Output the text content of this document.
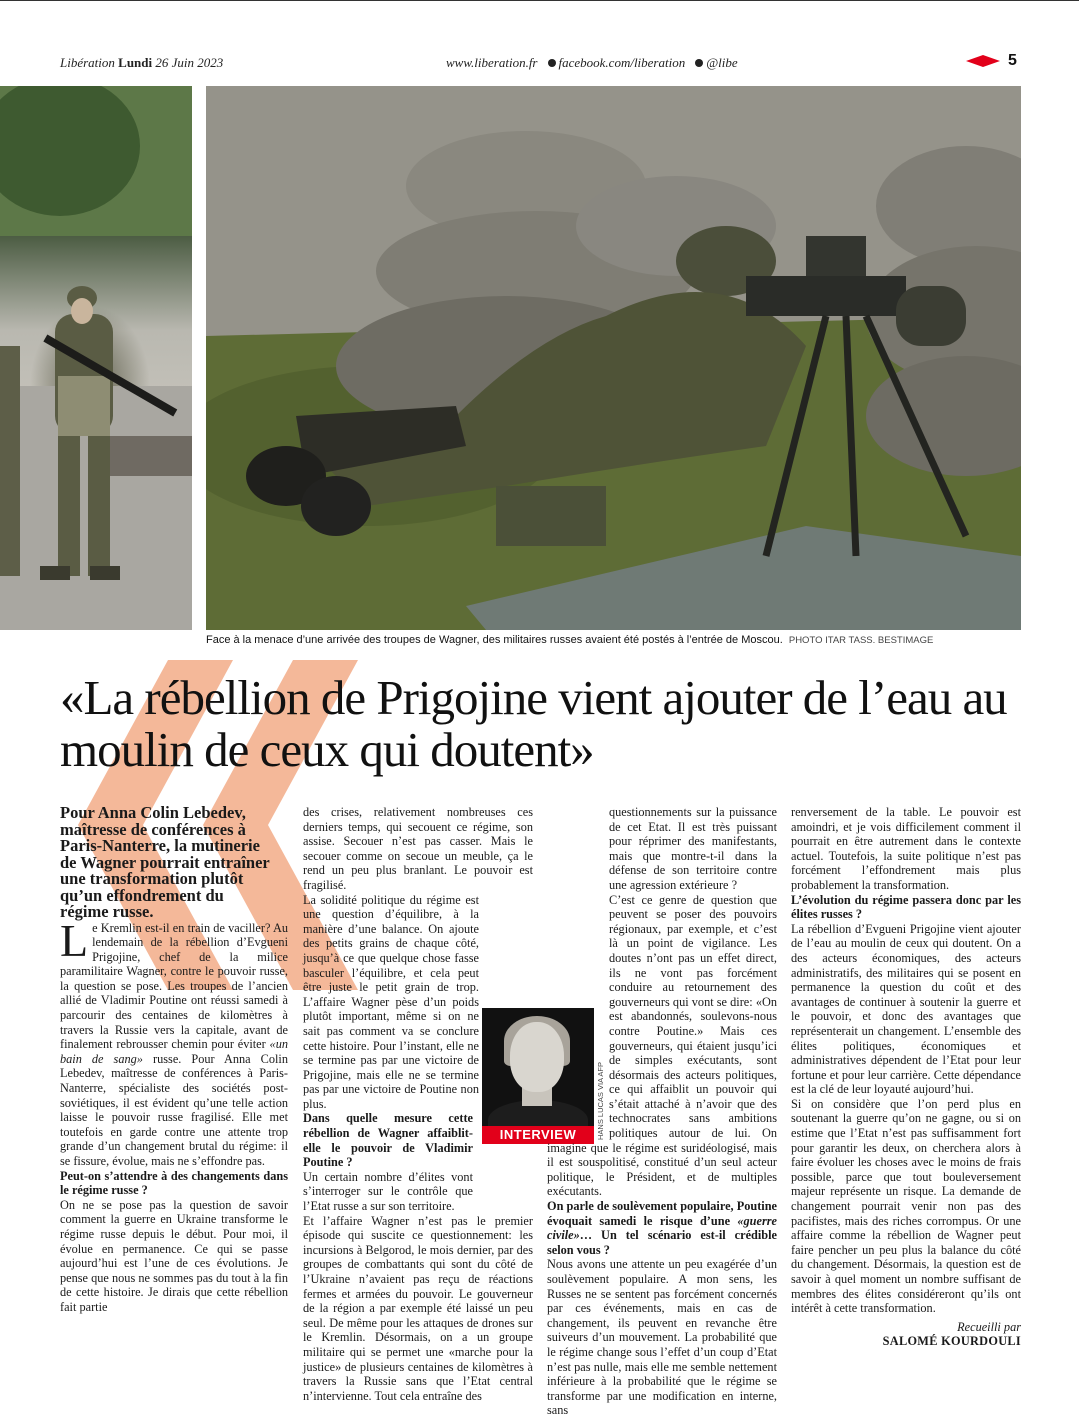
Libération Lundi 26 Juin 2023	www.liberation.fr	facebook.com/liberation	@libe	5
Face à la menace d’une arrivée des troupes de Wagner, des militaires russes avaient été postés à l’entrée de Moscou. PHOTO ITAR TASS. BESTIMAGE
«La rébellion de Prigojine vient ajouter de l’eau au moulin de ceux qui doutent»

Pour Anna Colin Lebedev, maîtresse de conférences à Paris-Nanterre, la mutinerie de Wagner pourrait entraîner une transformation plutôt qu’un effondrement du régime russe.

Le Kremlin est-il en train de vaciller? Au lendemain de la rébellion d’Evgueni Prigojine, chef de la milice paramilitaire Wagner, contre le pouvoir russe, la question se pose. Les troupes de l’ancien allié de Vladimir Poutine ont réussi samedi à parcourir des centaines de kilomètres à travers la Russie vers la capitale, avant de finalement rebrousser chemin pour éviter «un bain de sang» russe. Pour Anna Colin Lebedev, maîtresse de conférences à Paris-Nanterre, spécialiste des sociétés post-soviétiques, il est évident qu’une telle action laisse le pouvoir russe fragilisé. Elle met toutefois en garde contre une attente trop grande d’un changement brutal du régime: il se fissure, évolue, mais ne s’effondre pas.

Peut-on s’attendre à des changements dans le régime russe ?

On ne se pose pas la question de savoir comment la guerre en Ukraine transforme le régime russe depuis le début. Pour moi, il évolue en permanence. Ce qui se passe aujourd’hui est l’une de ces évolutions. Je pense que nous ne sommes pas du tout à la fin de cette histoire. Je dirais que cette rébellion fait partie

des crises, relativement nombreuses ces derniers temps, qui secouent ce régime, son assise. Secouer n’est pas casser. Mais le secouer comme on secoue un meuble, ça le rend un peu plus branlant. Le pouvoir est fragilisé.

La solidité politique du régime est une question d’équilibre, à la manière d’une balance. On ajoute des petits grains de chaque côté, jusqu’à ce que quelque chose fasse basculer l’équilibre, et cela peut être juste le petit grain de trop. L’affaire Wagner pèse d’un poids plutôt important, même si on ne sait pas comment va se conclure cette histoire. Pour l’instant, elle ne se termine pas par une victoire de Prigojine, mais elle ne se termine pas par une victoire de Poutine non plus.

Dans quelle mesure cette rébellion de Wagner affaiblit-elle le pouvoir de Vladimir Poutine ?

Un certain nombre d’élites vont s’interroger sur le contrôle que l’Etat russe a sur son territoire.

Et l’affaire Wagner n’est pas le premier épisode qui suscite ce questionnement: les incursions à Belgorod, le mois dernier, par des groupes de combattants qui sont du côté de l’Ukraine n’avaient pas reçu de réactions fermes et armées du pouvoir. Le gouverneur de la région a par exemple été laissé un peu seul. De même pour les attaques de drones sur le Kremlin. Désormais, on a un groupe militaire qui se permet une «marche pour la justice» de plusieurs centaines de kilomètres à travers la Russie sans que l’Etat central n’intervienne. Tout cela entraîne des

INTERVIEW	HANS LUCAS VIA AFP

questionnements sur la puissance de cet Etat. Il est très puissant pour réprimer des manifestants, mais que montre-t-il dans la défense de son territoire contre une agression extérieure ?

C’est ce genre de question que peuvent se poser des pouvoirs régionaux, par exemple, et c’est là un point de vigilance. Les doutes n’ont pas un effet direct, ils ne vont pas forcément conduire au retournement des gouverneurs qui vont se dire: «On est abandonnés, soulevons-nous contre Poutine.» Mais ces gouverneurs, qui étaient jusqu’ici de simples exécutants, sont désormais des acteurs politiques, ce qui affaiblit un pouvoir qui s’était attaché à n’avoir que des technocrates sans ambitions politiques autour de lui. On imagine que le régime est suridéologisé, mais il est souspolitisé, constitué d’un seul acteur politique, le Président, et de multiples exécutants.

On parle de soulèvement populaire, Poutine évoquait samedi le risque d’une «guerre civile»… Un tel scénario est-il crédible selon vous ?

Nous avons une attente un peu exagérée d’un soulèvement populaire. A mon sens, les Russes ne se sentent pas forcément concernés par ces événements, mais en cas de changement, ils peuvent en revanche être suiveurs d’un mouvement. La probabilité que le régime change sous l’effet d’un coup d’Etat n’est pas nulle, mais elle me semble nettement inférieure à la probabilité que le régime se transforme par une modification en interne, sans

renversement de la table. Le pouvoir est amoindri, et je vois difficilement comment il pourrait en être autrement dans le contexte actuel. Toutefois, la suite politique n’est pas forcément l’effondrement mais plus probablement la transformation.

L’évolution du régime passera donc par les élites russes ?

La rébellion d’Evgueni Prigojine vient ajouter de l’eau au moulin de ceux qui doutent. On a des acteurs économiques, des acteurs administratifs, des militaires qui se posent en permanence la question du coût et des avantages de continuer à soutenir la guerre et le pouvoir, et donc des avantages que représenterait un changement. L’ensemble des élites politiques, économiques et administratives dépendent de l’Etat pour leur fortune et pour leur carrière. Cette dépendance est la clé de leur loyauté aujourd’hui.

Si on considère que l’on perd plus en soutenant la guerre qu’on ne gagne, ou si on estime que l’Etat n’est pas suffisamment fort pour garantir les deux, on cherchera alors à faire évoluer les choses avec le moins de frais possible, parce que tout bouleversement majeur représente un risque. La demande de changement pourrait venir non pas des pacifistes, mais des riches corrompus. Or une affaire comme la rébellion de Wagner peut faire pencher un peu plus la balance du côté du changement. Désormais, la question est de savoir à quel moment un nombre suffisant de membres des élites considéreront qu’ils ont intérêt à cette transformation.

Recueilli par
SALOMÉ KOURDOULI
